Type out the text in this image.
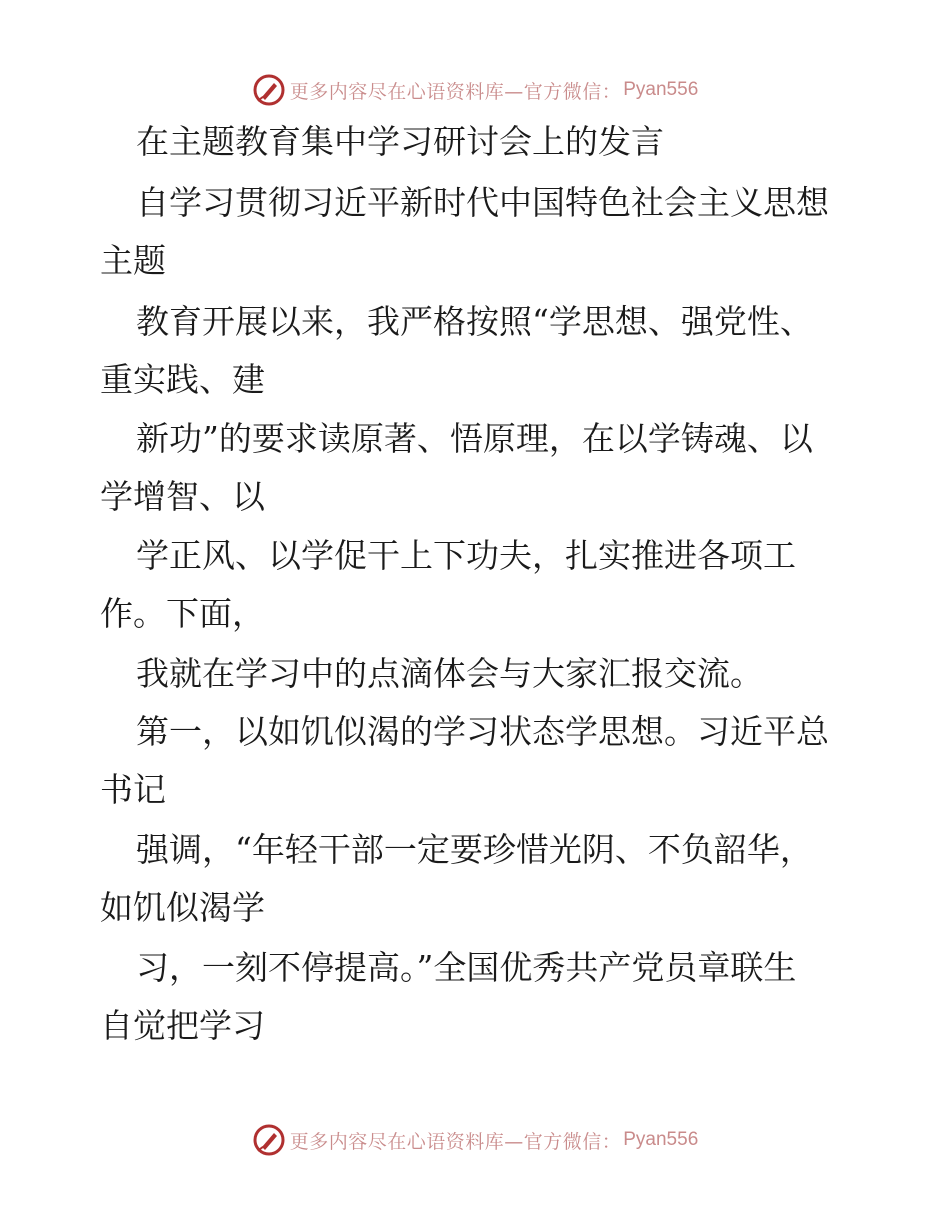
更多内容尽在心语资料库—官方微信： Pyan556
在主题教育集中学习研讨会上的发言
自学习贯彻习近平新时代中国特色社会主义思想
主题
教育开展以来，我严格按照“学思想、强党性、
重实践、建
新功”的要求读原著、悟原理，在以学铸魂、以
学增智、以
学正风、以学促干上下功夫，扎实推进各项工
作。下面，
我就在学习中的点滴体会与大家汇报交流。
第一，以如饥似渴的学习状态学思想。习近平总
书记
强调，“年轻干部一定要珍惜光阴、不负韶华，
如饥似渴学
习，一刻不停提高。”全国优秀共产党员章联生
自觉把学习
更多内容尽在心语资料库—官方微信： Pyan556
